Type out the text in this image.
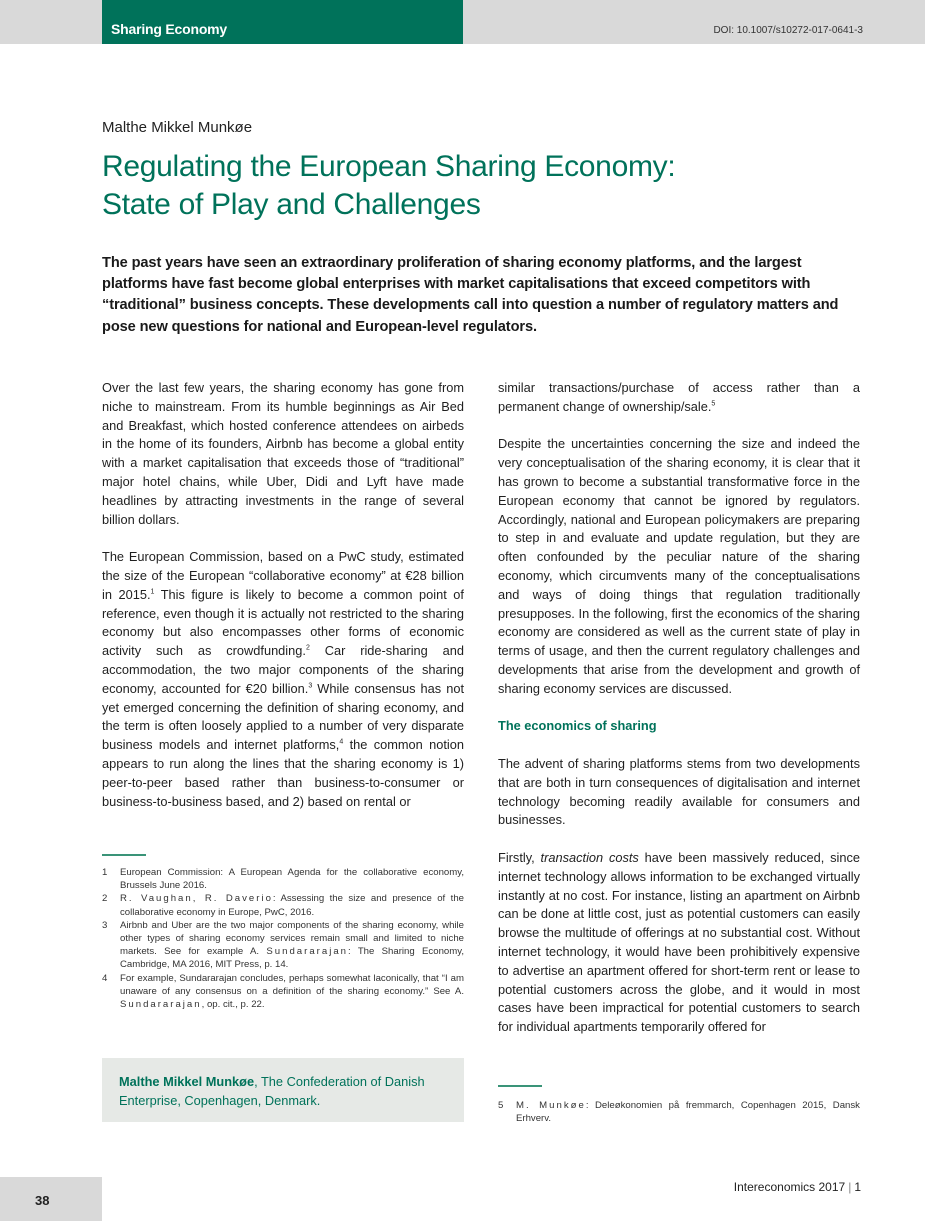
Sharing Economy	DOI: 10.1007/s10272-017-0641-3
Malthe Mikkel Munkøe
Regulating the European Sharing Economy:
State of Play and Challenges
The past years have seen an extraordinary proliferation of sharing economy platforms, and the largest platforms have fast become global enterprises with market capitalisations that exceed competitors with “traditional” business concepts. These developments call into question a number of regulatory matters and pose new questions for national and European-level regulators.

Over the last few years, the sharing economy has gone from niche to mainstream. From its humble beginnings as Air Bed and Breakfast, which hosted conference attendees on airbeds in the home of its founders, Airbnb has become a global entity with a market capitalisation that exceeds those of “traditional” major hotel chains, while Uber, Didi and Lyft have made headlines by attracting investments in the range of several billion dollars.

The European Commission, based on a PwC study, estimated the size of the European “collaborative economy” at €28 billion in 2015.$^1$ This figure is likely to become a common point of reference, even though it is actually not restricted to the sharing economy but also encompasses other forms of economic activity such as crowdfunding.$^2$ Car ride-sharing and accommodation, the two major components of the sharing economy, accounted for €20 billion.$^3$ While consensus has not yet emerged concerning the definition of sharing economy, and the term is often loosely applied to a number of very disparate business models and internet platforms,$^4$ the common notion appears to run along the lines that the sharing economy is 1) peer-to-peer based rather than business-to-consumer or business-to-business based, and 2) based on rental or

1	European Commission: A European Agenda for the collaborative economy, Brussels June 2016.
2	R. Vaughan, R. Daverio: Assessing the size and presence of the collaborative economy in Europe, PwC, 2016.
3	Airbnb and Uber are the two major components of the sharing economy, while other types of sharing economy services remain small and limited to niche markets. See for example A. Sundararajan: The Sharing Economy, Cambridge, MA 2016, MIT Press, p. 14.
4	For example, Sundararajan concludes, perhaps somewhat laconically, that “I am unaware of any consensus on a definition of the sharing economy.” See A. Sundararajan, op. cit., p. 22.
Malthe Mikkel Munkøe, The Confederation of Danish Enterprise, Copenhagen, Denmark.

similar transactions/purchase of access rather than a permanent change of ownership/sale.$^5$

Despite the uncertainties concerning the size and indeed the very conceptualisation of the sharing economy, it is clear that it has grown to become a substantial transformative force in the European economy that cannot be ignored by regulators. Accordingly, national and European policymakers are preparing to step in and evaluate and update regulation, but they are often confounded by the peculiar nature of the sharing economy, which circumvents many of the conceptualisations and ways of doing things that regulation traditionally presupposes. In the following, first the economics of the sharing economy are considered as well as the current state of play in terms of usage, and then the current regulatory challenges and developments that arise from the development and growth of sharing economy services are discussed.

The economics of sharing

The advent of sharing platforms stems from two developments that are both in turn consequences of digitalisation and internet technology becoming readily available for consumers and businesses.

Firstly, transaction costs have been massively reduced, since internet technology allows information to be exchanged virtually instantly at no cost. For instance, listing an apartment on Airbnb can be done at little cost, just as potential customers can easily browse the multitude of offerings at no substantial cost. Without internet technology, it would have been prohibitively expensive to advertise an apartment offered for short-term rent or lease to potential customers across the globe, and it would in most cases have been impractical for potential customers to search for individual apartments temporarily offered for

5	M. Munkøe: Deleøkonomien på fremmarch, Copenhagen 2015, Dansk Erhverv.
38
Intereconomics 2017 | 1
